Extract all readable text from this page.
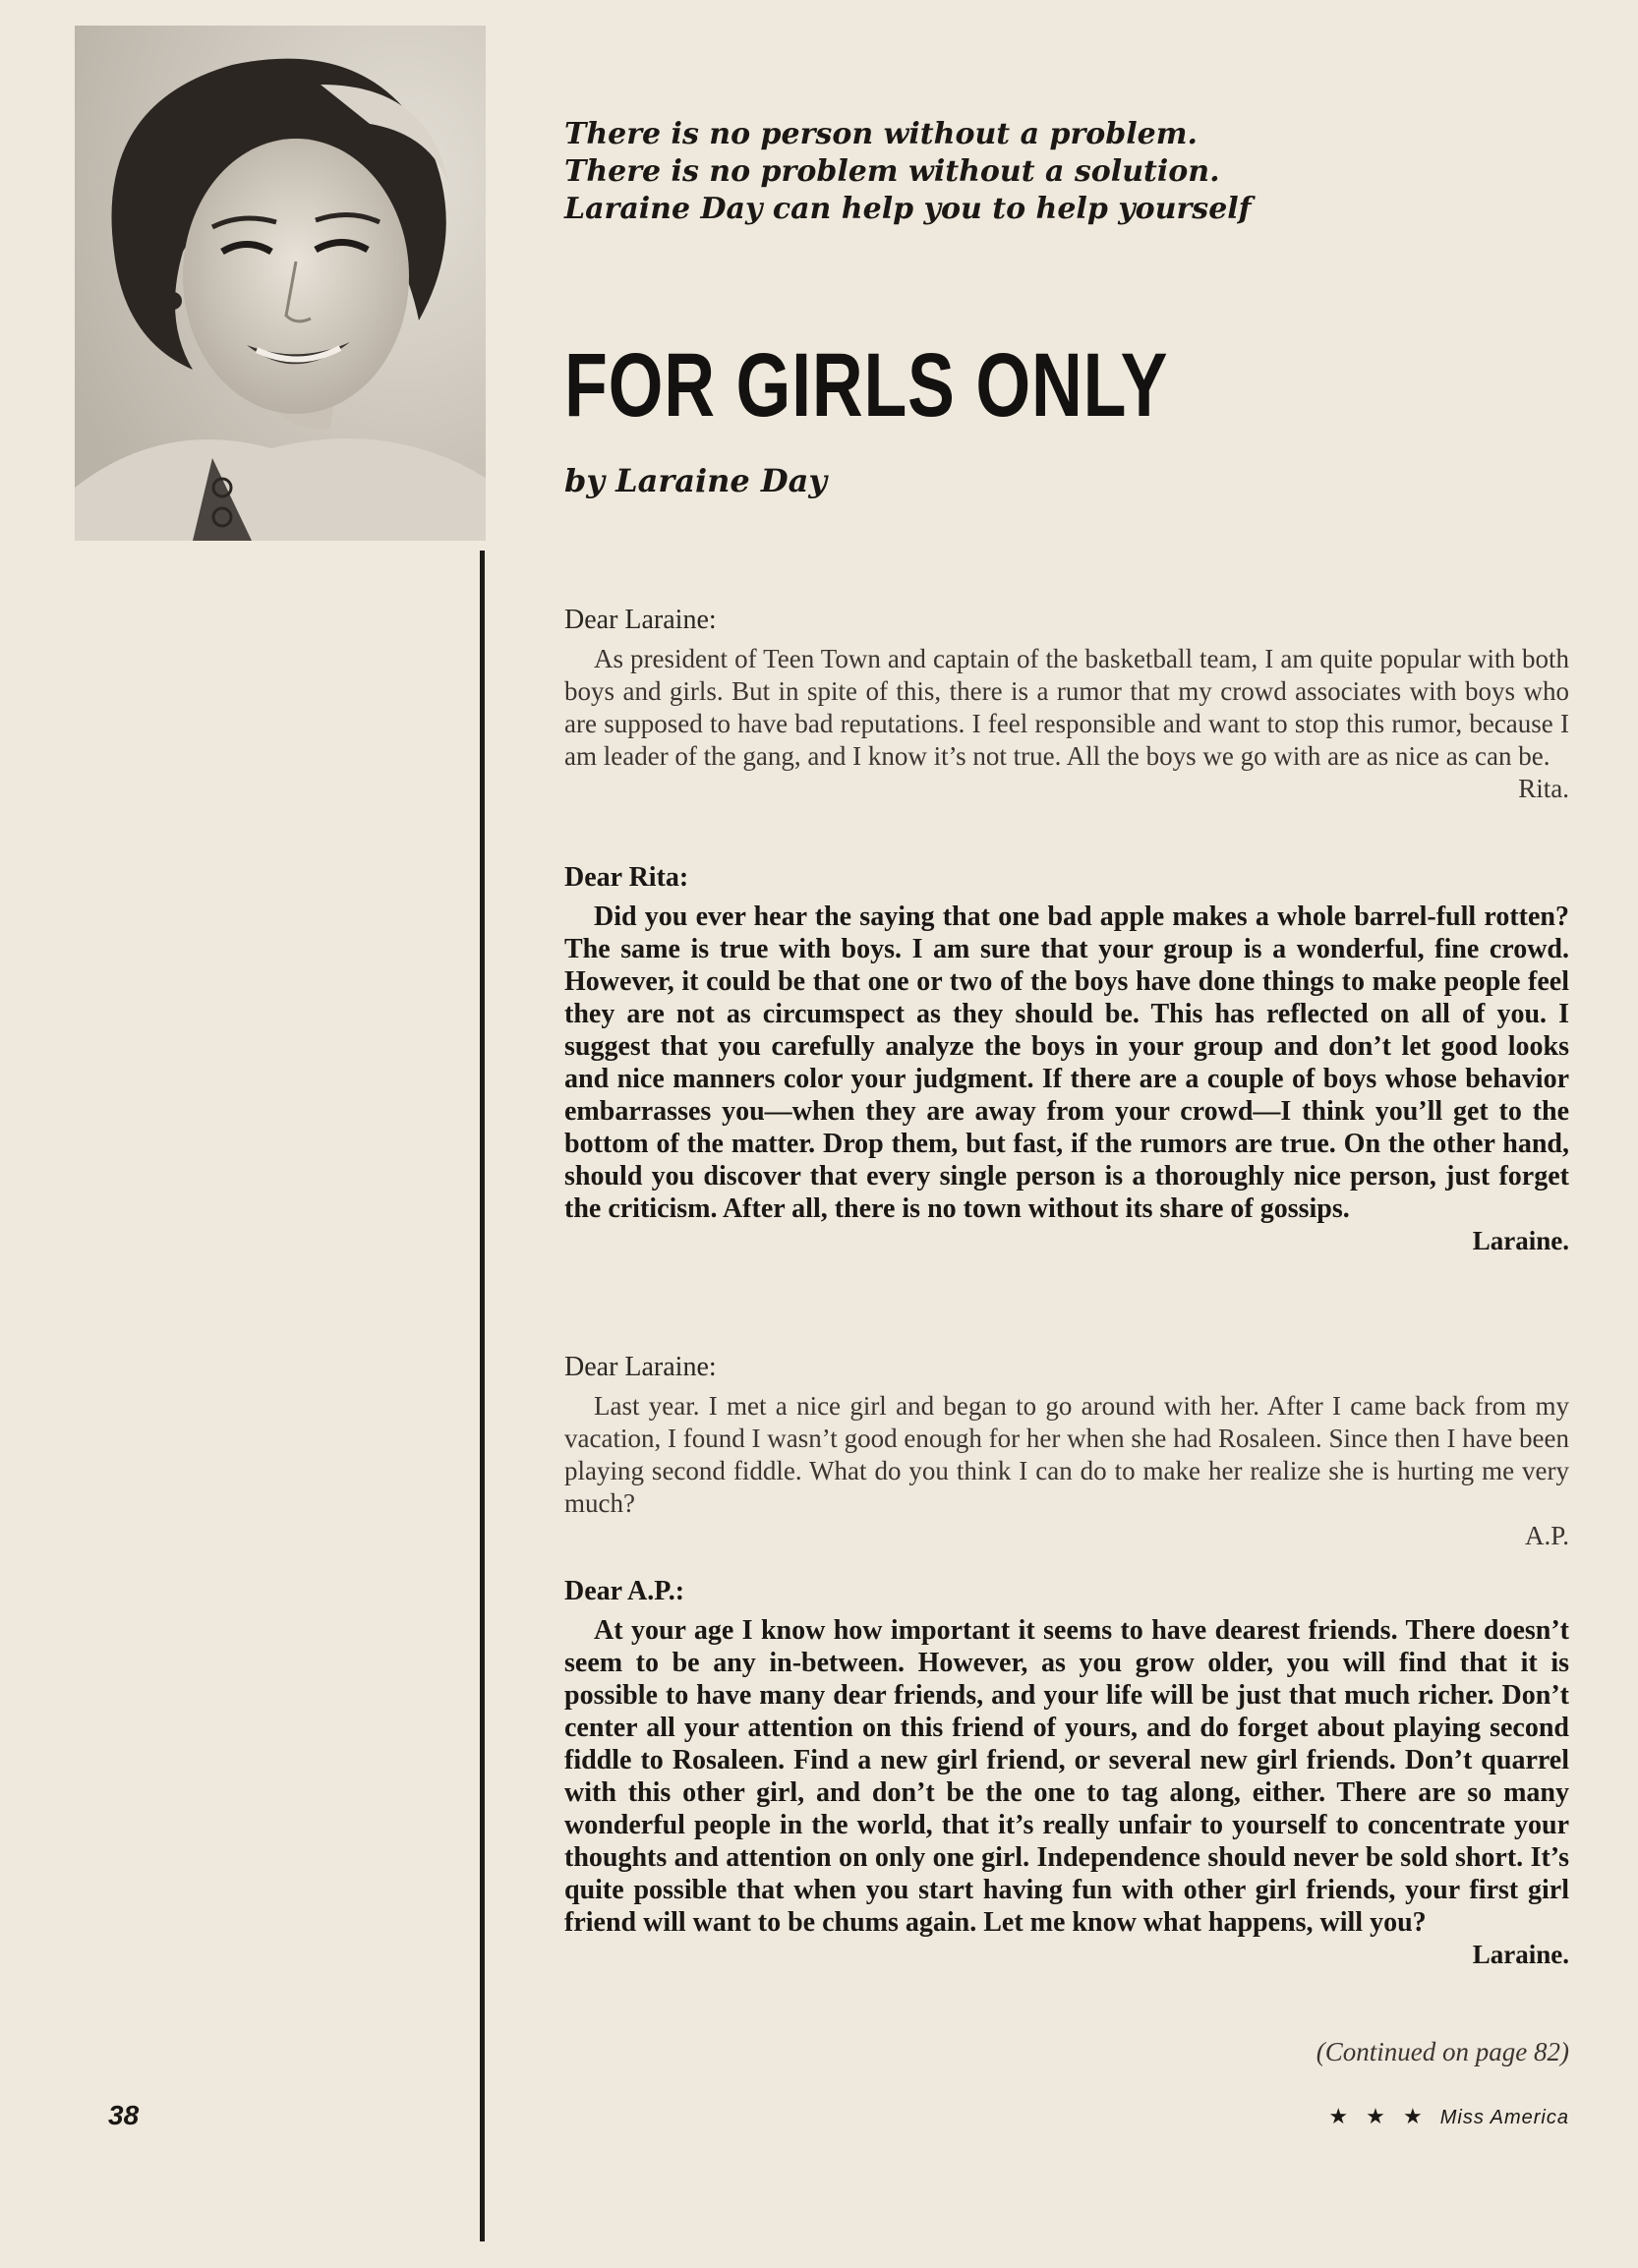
There is no person without a problem.
There is no problem without a solution.
Laraine Day can help you to help yourself
FOR GIRLS ONLY
by Laraine Day
Dear Laraine:

As president of Teen Town and captain of the basketball team, I am quite popular with both boys and girls. But in spite of this, there is a rumor that my crowd associates with boys who are supposed to have bad reputations. I feel responsible and want to stop this rumor, because I am leader of the gang, and I know it’s not true. All the boys we go with are as nice as can be.

Rita.
Dear Rita:

Did you ever hear the saying that one bad apple makes a whole barrel-full rotten? The same is true with boys. I am sure that your group is a wonderful, fine crowd. However, it could be that one or two of the boys have done things to make people feel they are not as circumspect as they should be. This has reflected on all of you. I suggest that you carefully analyze the boys in your group and don’t let good looks and nice manners color your judgment. If there are a couple of boys whose behavior embarrasses you—when they are away from your crowd—I think you’ll get to the bottom of the matter. Drop them, but fast, if the rumors are true. On the other hand, should you discover that every single person is a thoroughly nice person, just forget the criticism. After all, there is no town without its share of gossips.

Laraine.
Dear Laraine:

Last year. I met a nice girl and began to go around with her. After I came back from my vacation, I found I wasn’t good enough for her when she had Rosaleen. Since then I have been playing second fiddle. What do you think I can do to make her realize she is hurting me very much?

A.P.
Dear A.P.:

At your age I know how important it seems to have dearest friends. There doesn’t seem to be any in-between. However, as you grow older, you will find that it is possible to have many dear friends, and your life will be just that much richer. Don’t center all your attention on this friend of yours, and do forget about playing second fiddle to Rosaleen. Find a new girl friend, or several new girl friends. Don’t quarrel with this other girl, and don’t be the one to tag along, either. There are so many wonderful people in the world, that it’s really unfair to yourself to concentrate your thoughts and attention on only one girl. Independence should never be sold short. It’s quite possible that when you start having fun with other girl friends, your first girl friend will want to be chums again. Let me know what happens, will you?

Laraine.
(Continued on page 82)
38	★ ★ ★ Miss America
